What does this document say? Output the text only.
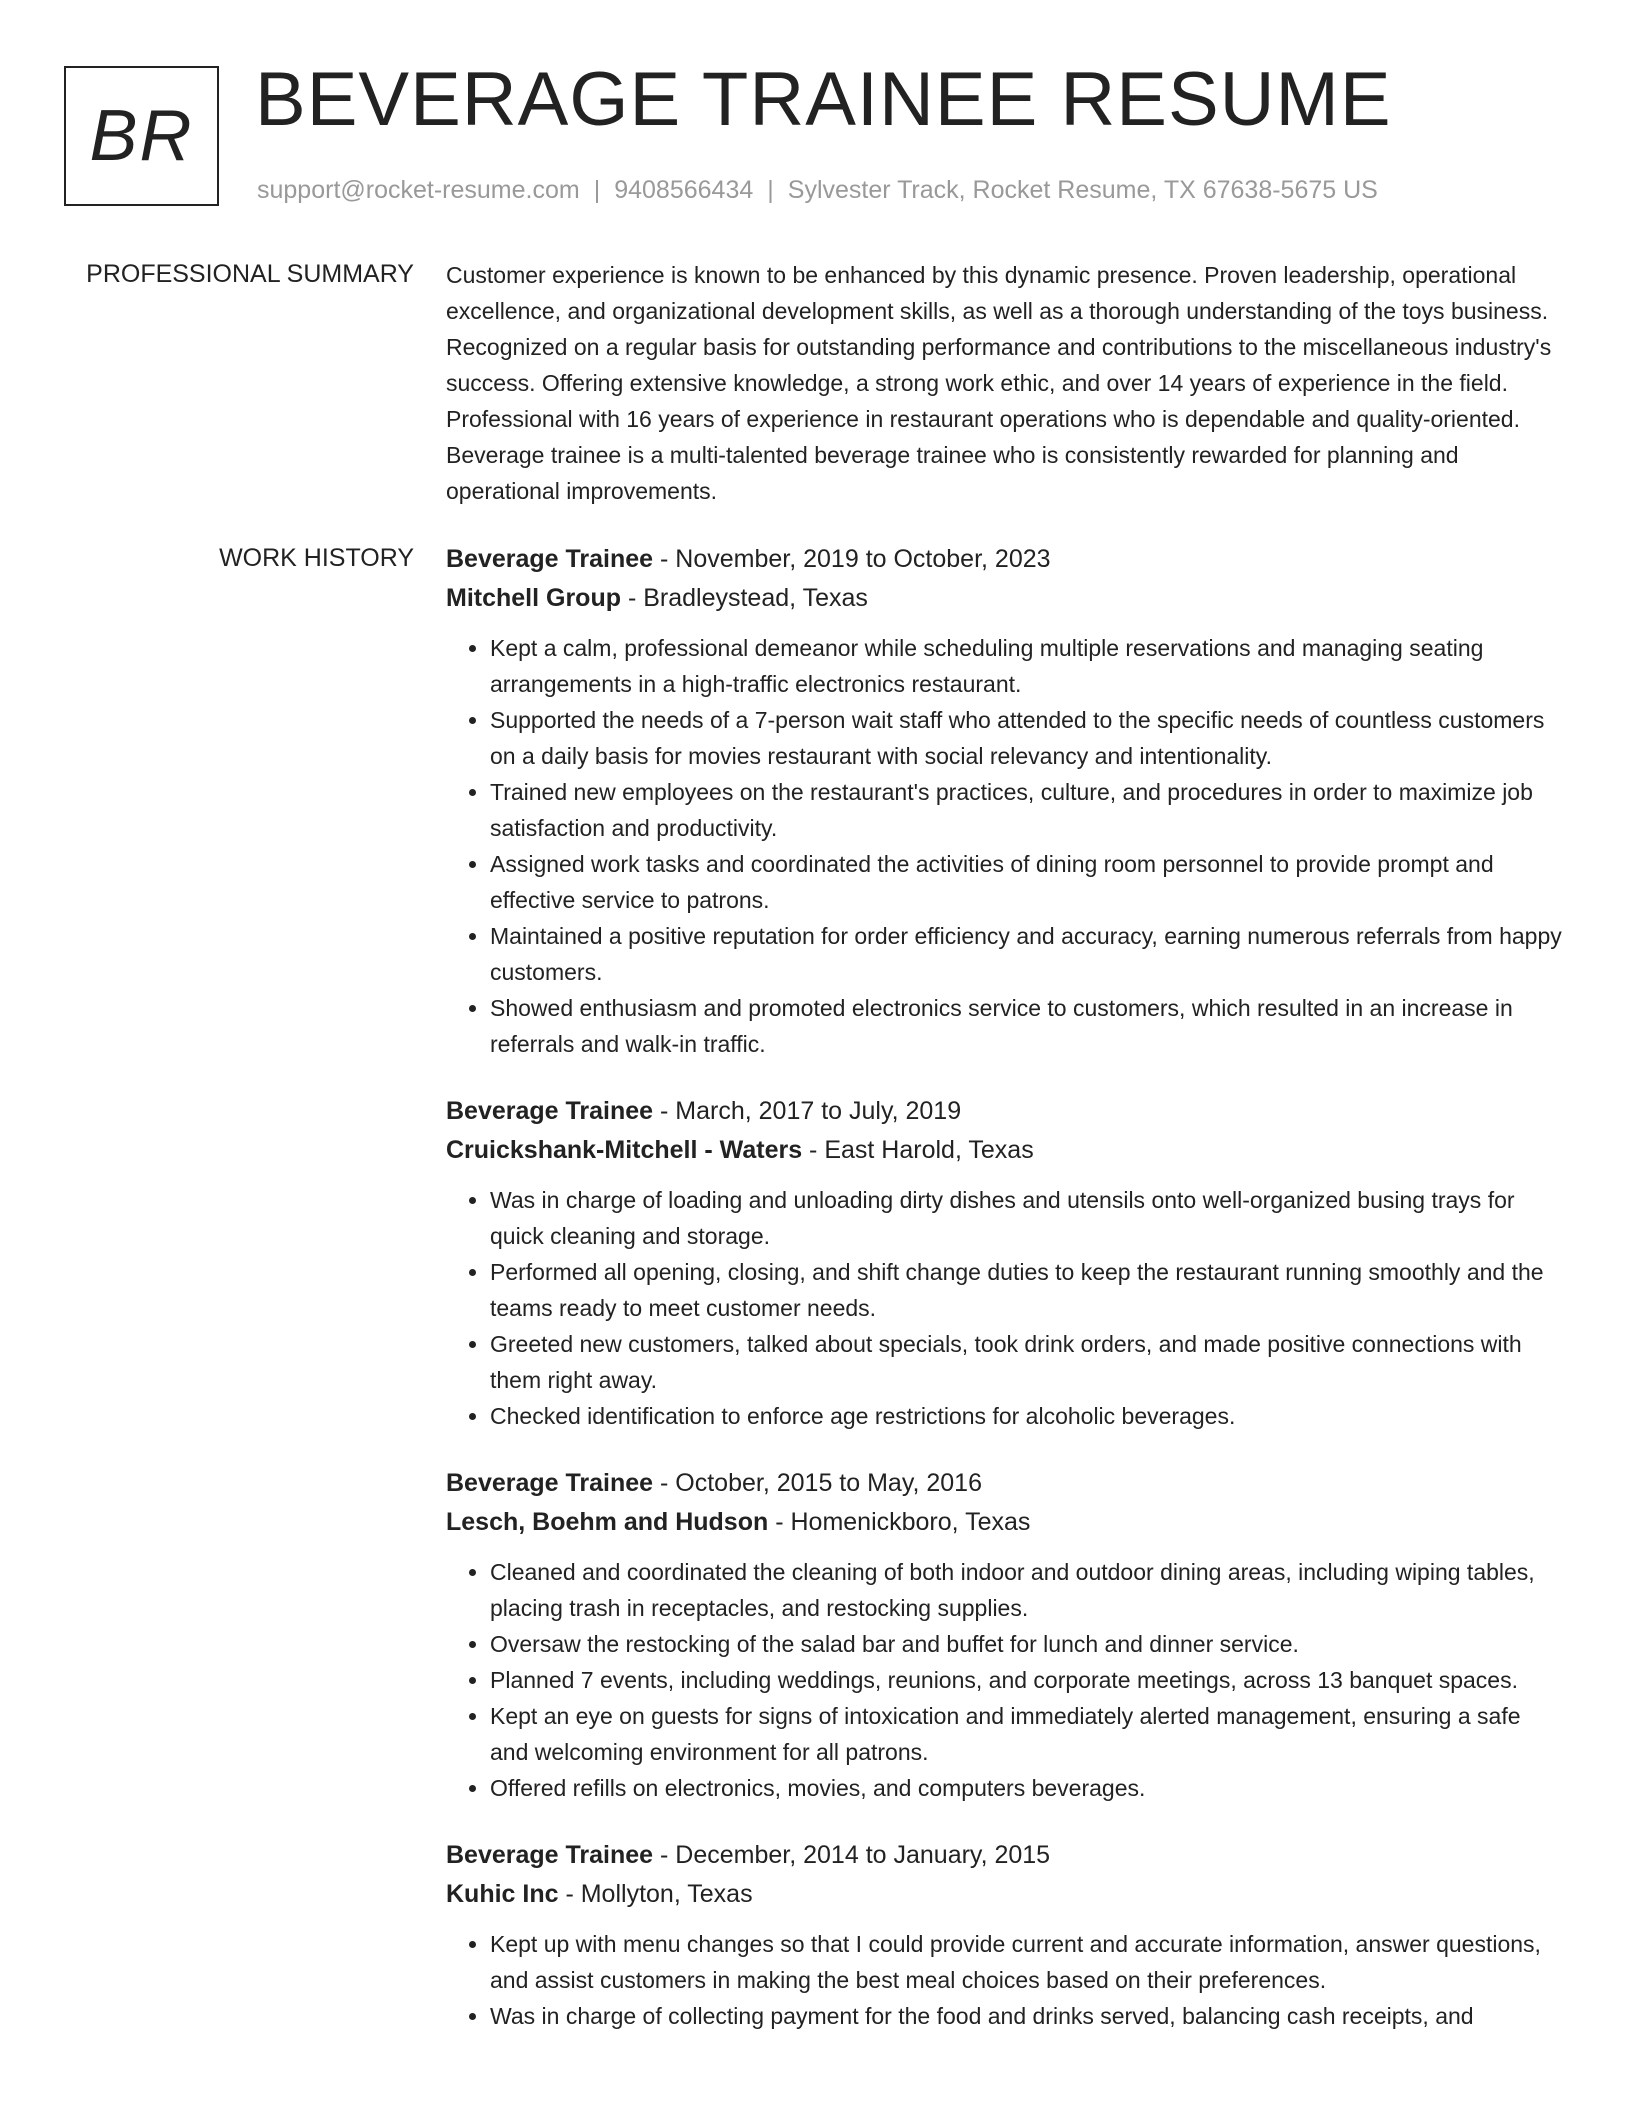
BR BEVERAGE TRAINEE RESUME
support@rocket-resume.com | 9408566434 | Sylvester Track, Rocket Resume, TX 67638-5675 US
PROFESSIONAL SUMMARY Customer experience is known to be enhanced by this dynamic presence. Proven leadership, operational excellence, and organizational development skills, as well as a thorough understanding of the toys business. Recognized on a regular basis for outstanding performance and contributions to the miscellaneous industry's success. Offering extensive knowledge, a strong work ethic, and over 14 years of experience in the field. Professional with 16 years of experience in restaurant operations who is dependable and quality-oriented. Beverage trainee is a multi-talented beverage trainee who is consistently rewarded for planning and operational improvements.

WORK HISTORY Beverage Trainee - November, 2019 to October, 2023

Mitchell Group - Bradleystead, Texas

• Kept a calm, professional demeanor while scheduling multiple reservations and managing seating arrangements in a high-traffic electronics restaurant.
• Supported the needs of a 7-person wait staff who attended to the specific needs of countless customers on a daily basis for movies restaurant with social relevancy and intentionality.
• Trained new employees on the restaurant's practices, culture, and procedures in order to maximize job satisfaction and productivity.
• Assigned work tasks and coordinated the activities of dining room personnel to provide prompt and effective service to patrons.
• Maintained a positive reputation for order efficiency and accuracy, earning numerous referrals from happy customers.
• Showed enthusiasm and promoted electronics service to customers, which resulted in an increase in referrals and walk-in traffic.

Beverage Trainee - March, 2017 to July, 2019

Cruickshank-Mitchell - Waters - East Harold, Texas

• Was in charge of loading and unloading dirty dishes and utensils onto well-organized busing trays for quick cleaning and storage.
• Performed all opening, closing, and shift change duties to keep the restaurant running smoothly and the teams ready to meet customer needs.
• Greeted new customers, talked about specials, took drink orders, and made positive connections with them right away.
• Checked identification to enforce age restrictions for alcoholic beverages.

Beverage Trainee - October, 2015 to May, 2016

Lesch, Boehm and Hudson - Homenickboro, Texas

• Cleaned and coordinated the cleaning of both indoor and outdoor dining areas, including wiping tables, placing trash in receptacles, and restocking supplies.
• Oversaw the restocking of the salad bar and buffet for lunch and dinner service.
• Planned 7 events, including weddings, reunions, and corporate meetings, across 13 banquet spaces.
• Kept an eye on guests for signs of intoxication and immediately alerted management, ensuring a safe and welcoming environment for all patrons.
• Offered refills on electronics, movies, and computers beverages.

Beverage Trainee - December, 2014 to January, 2015

Kuhic Inc - Mollyton, Texas

• Kept up with menu changes so that I could provide current and accurate information, answer questions, and assist customers in making the best meal choices based on their preferences.
• Was in charge of collecting payment for the food and drinks served, balancing cash receipts, and
